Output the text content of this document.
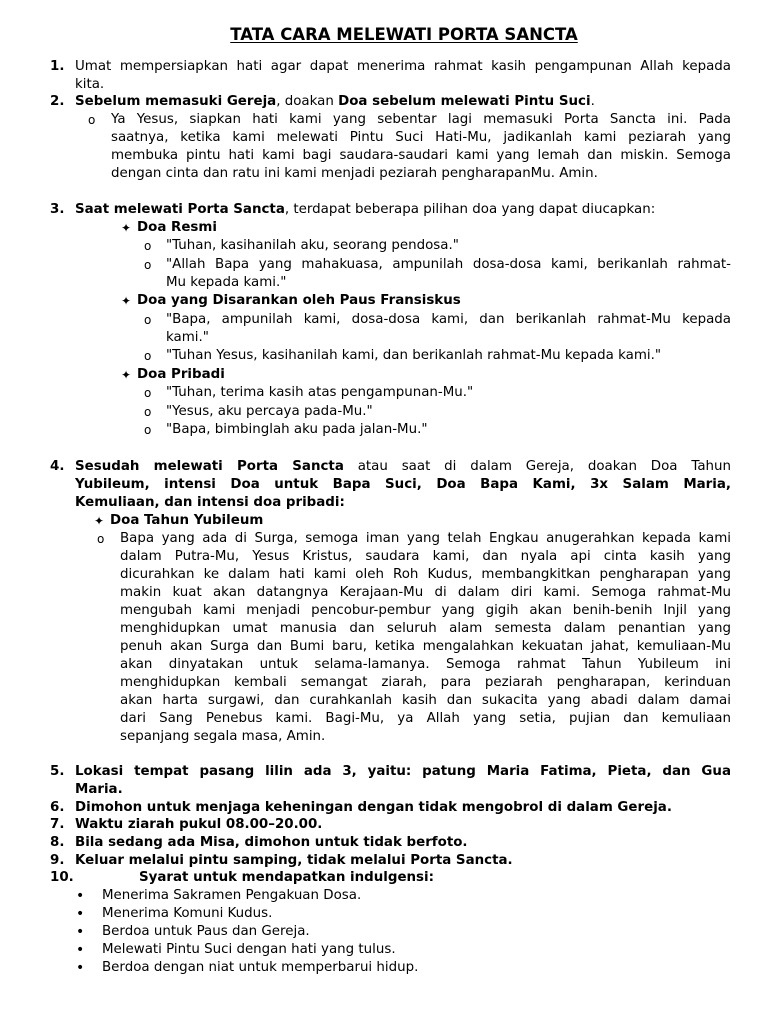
TATA CARA MELEWATI PORTA SANCTA
1. Umat mempersiapkan hati agar dapat menerima rahmat kasih pengampunan Allah kepada
kita.
2. Sebelum memasuki Gereja, doakan Doa sebelum melewati Pintu Suci.
o Ya Yesus, siapkan hati kami yang sebentar lagi memasuki Porta Sancta ini. Pada
saatnya, ketika kami melewati Pintu Suci Hati-Mu, jadikanlah kami peziarah yang
membuka pintu hati kami bagi saudara-saudari kami yang lemah dan miskin. Semoga
dengan cinta dan ratu ini kami menjadi peziarah pengharapanMu. Amin.
3. Saat melewati Porta Sancta, terdapat beberapa pilihan doa yang dapat diucapkan:
✦ Doa Resmi
o "Tuhan, kasihanilah aku, seorang pendosa."
o "Allah Bapa yang mahakuasa, ampunilah dosa-dosa kami, berikanlah rahmat-
Mu kepada kami."
✦ Doa yang Disarankan oleh Paus Fransiskus
o "Bapa, ampunilah kami, dosa-dosa kami, dan berikanlah rahmat-Mu kepada
kami."
o "Tuhan Yesus, kasihanilah kami, dan berikanlah rahmat-Mu kepada kami."
✦ Doa Pribadi
o "Tuhan, terima kasih atas pengampunan-Mu."
o "Yesus, aku percaya pada-Mu."
o "Bapa, bimbinglah aku pada jalan-Mu."
4. Sesudah melewati Porta Sancta atau saat di dalam Gereja, doakan Doa Tahun
Yubileum, intensi Doa untuk Bapa Suci, Doa Bapa Kami, 3x Salam Maria,
Kemuliaan, dan intensi doa pribadi:
✦ Doa Tahun Yubileum
o Bapa yang ada di Surga, semoga iman yang telah Engkau anugerahkan kepada kami
dalam Putra-Mu, Yesus Kristus, saudara kami, dan nyala api cinta kasih yang
dicurahkan ke dalam hati kami oleh Roh Kudus, membangkitkan pengharapan yang
makin kuat akan datangnya Kerajaan-Mu di dalam diri kami. Semoga rahmat-Mu
mengubah kami menjadi pencobur-pembur yang gigih akan benih-benih Injil yang
menghidupkan umat manusia dan seluruh alam semesta dalam penantian yang
penuh akan Surga dan Bumi baru, ketika mengalahkan kekuatan jahat, kemuliaan-Mu
akan dinyatakan untuk selama-lamanya. Semoga rahmat Tahun Yubileum ini
menghidupkan kembali semangat ziarah, para peziarah pengharapan, kerinduan
akan harta surgawi, dan curahkanlah kasih dan sukacita yang abadi dalam damai
dari Sang Penebus kami. Bagi-Mu, ya Allah yang setia, pujian dan kemuliaan
sepanjang segala masa, Amin.
5. Lokasi tempat pasang lilin ada 3, yaitu: patung Maria Fatima, Pieta, dan Gua
Maria.
6. Dimohon untuk menjaga keheningan dengan tidak mengobrol di dalam Gereja.
7. Waktu ziarah pukul 08.00–20.00.
8. Bila sedang ada Misa, dimohon untuk tidak berfoto.
9. Keluar melalui pintu samping, tidak melalui Porta Sancta.
10.	Syarat untuk mendapatkan indulgensi:
• Menerima Sakramen Pengakuan Dosa.
• Menerima Komuni Kudus.
• Berdoa untuk Paus dan Gereja.
• Melewati Pintu Suci dengan hati yang tulus.
• Berdoa dengan niat untuk memperbarui hidup.
